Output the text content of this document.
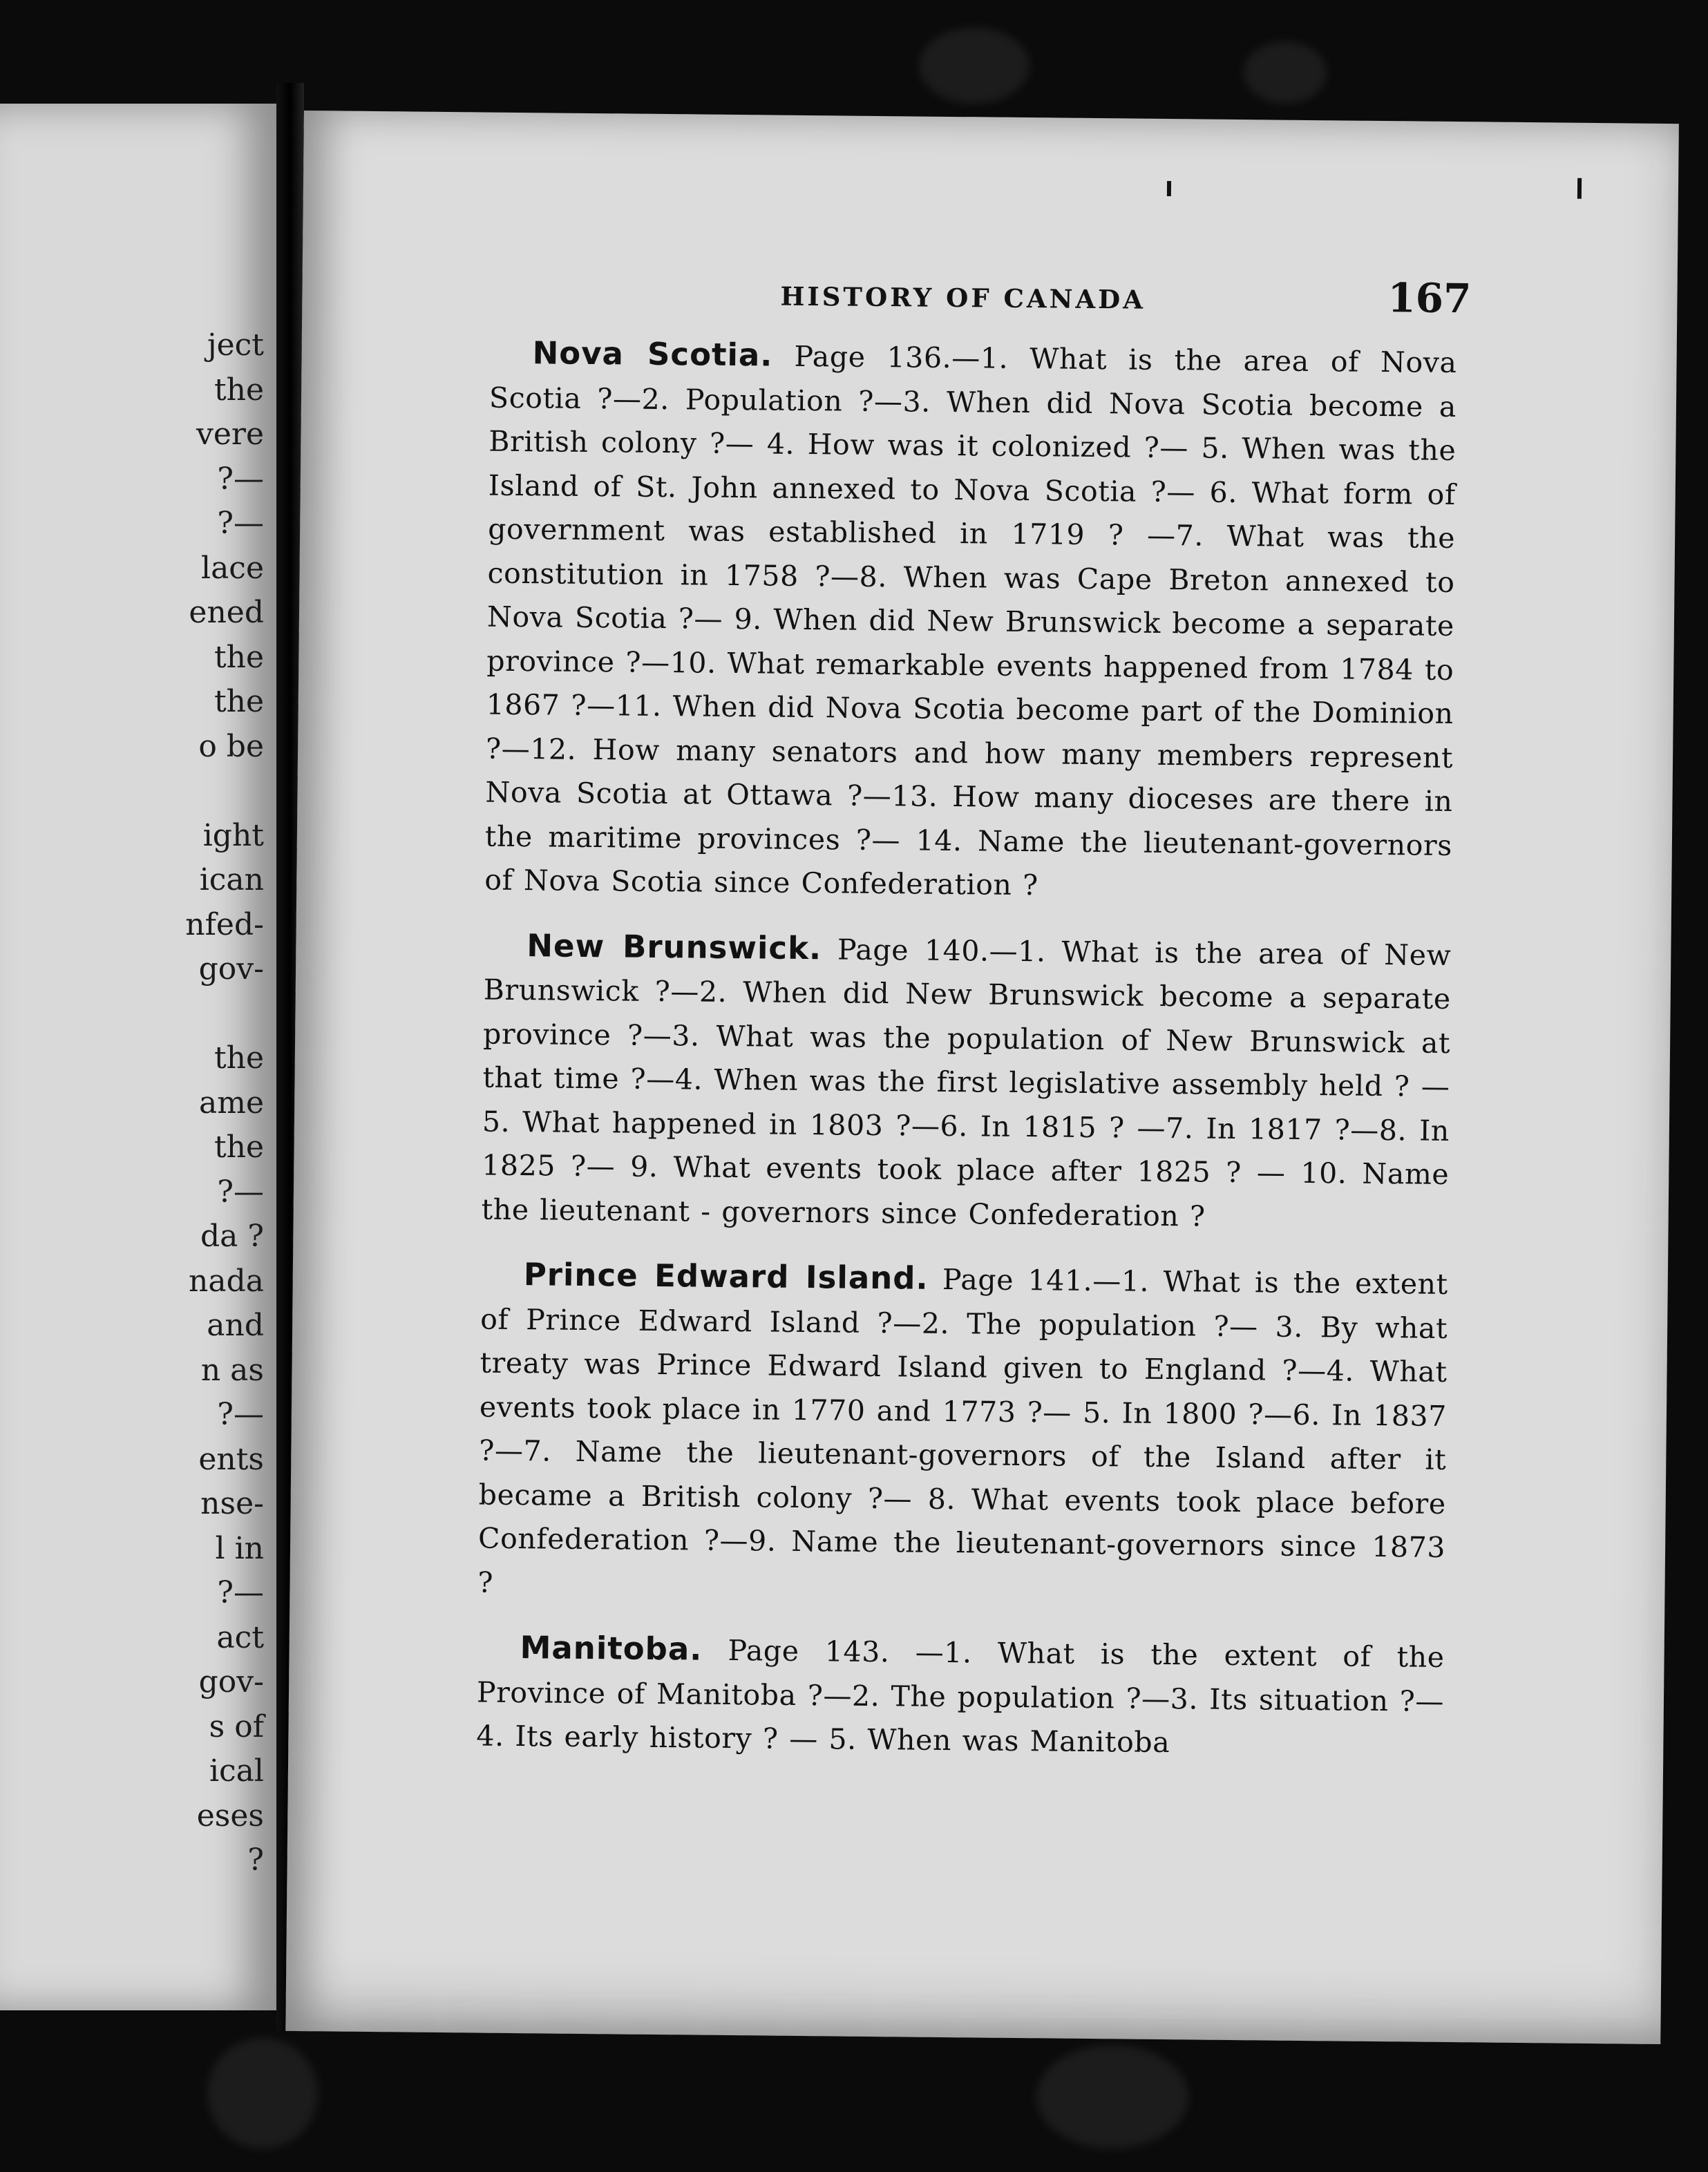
ject
the
vere
?—
?—
lace
ened
the
the
o be
ight
ican
nfed-
gov-
the
ame
the
?—
da ?
nada
and
n as
?—
ents
nse-
l in
?—
act
gov-
s of
ical
eses
?
HISTORY OF CANADA	167

Nova Scotia. Page 136.—1. What is the area of Nova Scotia ?—2. Population ?—3. When did Nova Scotia become a British colony ?— 4. How was it colonized ?— 5. When was the Island of St. John annexed to Nova Scotia ?— 6. What form of government was established in 1719 ? —7. What was the constitution in 1758 ?—8. When was Cape Breton annexed to Nova Scotia ?— 9. When did New Brunswick become a separate province ?—10. What remarkable events happened from 1784 to 1867 ?—11. When did Nova Scotia become part of the Dominion ?—12. How many senators and how many members represent Nova Scotia at Ottawa ?—13. How many dioceses are there in the maritime provinces ?— 14. Name the lieutenant-governors of Nova Scotia since Confederation ?

New Brunswick. Page 140.—1. What is the area of New Brunswick ?—2. When did New Brunswick become a separate province ?—3. What was the population of New Brunswick at that time ?—4. When was the first legislative assembly held ? —5. What happened in 1803 ?—6. In 1815 ? —7. In 1817 ?—8. In 1825 ?— 9. What events took place after 1825 ? — 10. Name the lieutenant - governors since Confederation ?

Prince Edward Island. Page 141.—1. What is the extent of Prince Edward Island ?—2. The population ?— 3. By what treaty was Prince Edward Island given to England ?—4. What events took place in 1770 and 1773 ?— 5. In 1800 ?—6. In 1837 ?—7. Name the lieutenant-governors of the Island after it became a British colony ?— 8. What events took place before Confederation ?—9. Name the lieutenant-governors since 1873 ?

Manitoba. Page 143. —1. What is the extent of the Province of Manitoba ?—2. The population ?—3. Its situation ?— 4. Its early history ? — 5. When was Manitoba
